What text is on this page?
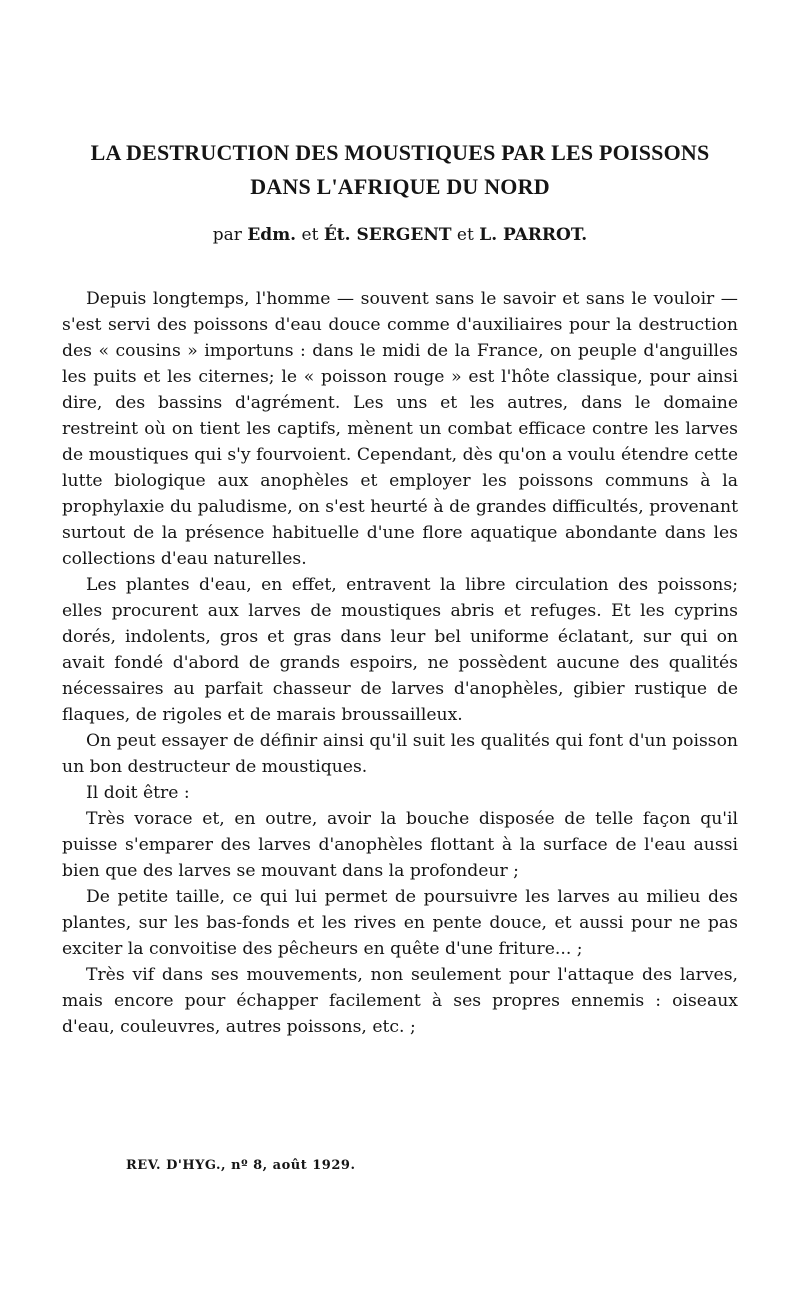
LA DESTRUCTION DES MOUSTIQUES PAR LES POISSONS
DANS L'AFRIQUE DU NORD
par Edm. et Ét. SERGENT et L. PARROT.

Depuis longtemps, l'homme — souvent sans le savoir et sans le vouloir — s'est servi des poissons d'eau douce comme d'auxiliaires pour la destruction des « cousins » importuns : dans le midi de la France, on peuple d'anguilles les puits et les citernes; le « poisson rouge » est l'hôte classique, pour ainsi dire, des bassins d'agrément. Les uns et les autres, dans le domaine restreint où on tient les captifs, mènent un combat efficace contre les larves de moustiques qui s'y fourvoient. Cependant, dès qu'on a voulu étendre cette lutte biologique aux anophèles et employer les poissons communs à la prophylaxie du paludisme, on s'est heurté à de grandes difficultés, provenant surtout de la présence habituelle d'une flore aquatique abondante dans les collections d'eau naturelles.

Les plantes d'eau, en effet, entravent la libre circulation des poissons; elles procurent aux larves de moustiques abris et refuges. Et les cyprins dorés, indolents, gros et gras dans leur bel uniforme éclatant, sur qui on avait fondé d'abord de grands espoirs, ne possèdent aucune des qualités nécessaires au parfait chasseur de larves d'anophèles, gibier rustique de flaques, de rigoles et de marais broussailleux.

On peut essayer de définir ainsi qu'il suit les qualités qui font d'un poisson un bon destructeur de moustiques.

Il doit être :

Très vorace et, en outre, avoir la bouche disposée de telle façon qu'il puisse s'emparer des larves d'anophèles flottant à la surface de l'eau aussi bien que des larves se mouvant dans la profondeur ;

De petite taille, ce qui lui permet de poursuivre les larves au milieu des plantes, sur les bas-fonds et les rives en pente douce, et aussi pour ne pas exciter la convoitise des pêcheurs en quête d'une friture... ;

Très vif dans ses mouvements, non seulement pour l'attaque des larves, mais encore pour échapper facilement à ses propres ennemis : oiseaux d'eau, couleuvres, autres poissons, etc. ;

REV. D'HYG., nº 8, août 1929.
